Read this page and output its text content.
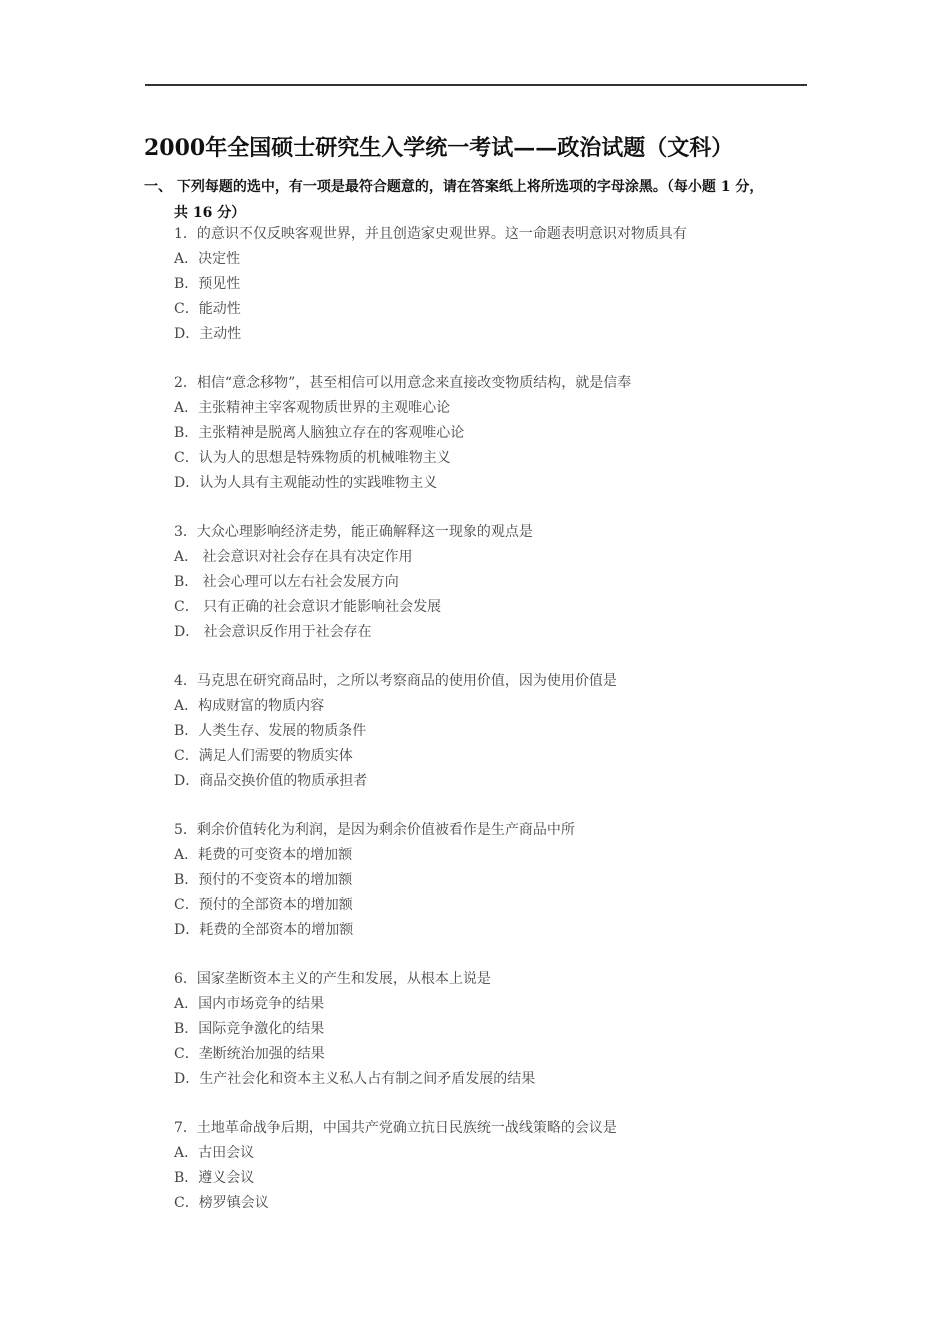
2000年全国硕士研究生入学统一考试——政治试题（文科）
一、 下列每题的选中，有一项是最符合题意的，请在答案纸上将所选项的字母涂黑。（每小题 1 分，
共 16 分）
1．的意识不仅反映客观世界，并且创造家史观世界。这一命题表明意识对物质具有
A．决定性
B．预见性
C．能动性
D．主动性
2．相信“意念移物”，甚至相信可以用意念来直接改变物质结构，就是信奉
A．主张精神主宰客观物质世界的主观唯心论
B．主张精神是脱离人脑独立存在的客观唯心论
C．认为人的思想是特殊物质的机械唯物主义
D．认为人具有主观能动性的实践唯物主义
3．大众心理影响经济走势，能正确解释这一现象的观点是
A． 社会意识对社会存在具有决定作用
B． 社会心理可以左右社会发展方向
C． 只有正确的社会意识才能影响社会发展
D． 社会意识反作用于社会存在
4．马克思在研究商品时，之所以考察商品的使用价值，因为使用价值是
A．构成财富的物质内容
B．人类生存、发展的物质条件
C．满足人们需要的物质实体
D．商品交换价值的物质承担者
5．剩余价值转化为利润，是因为剩余价值被看作是生产商品中所
A．耗费的可变资本的增加额
B．预付的不变资本的增加额
C．预付的全部资本的增加额
D．耗费的全部资本的增加额
6．国家垄断资本主义的产生和发展，从根本上说是
A．国内市场竞争的结果
B．国际竞争激化的结果
C．垄断统治加强的结果
D．生产社会化和资本主义私人占有制之间矛盾发展的结果
7．土地革命战争后期，中国共产党确立抗日民族统一战线策略的会议是
A．古田会议
B．遵义会议
C．榜罗镇会议
